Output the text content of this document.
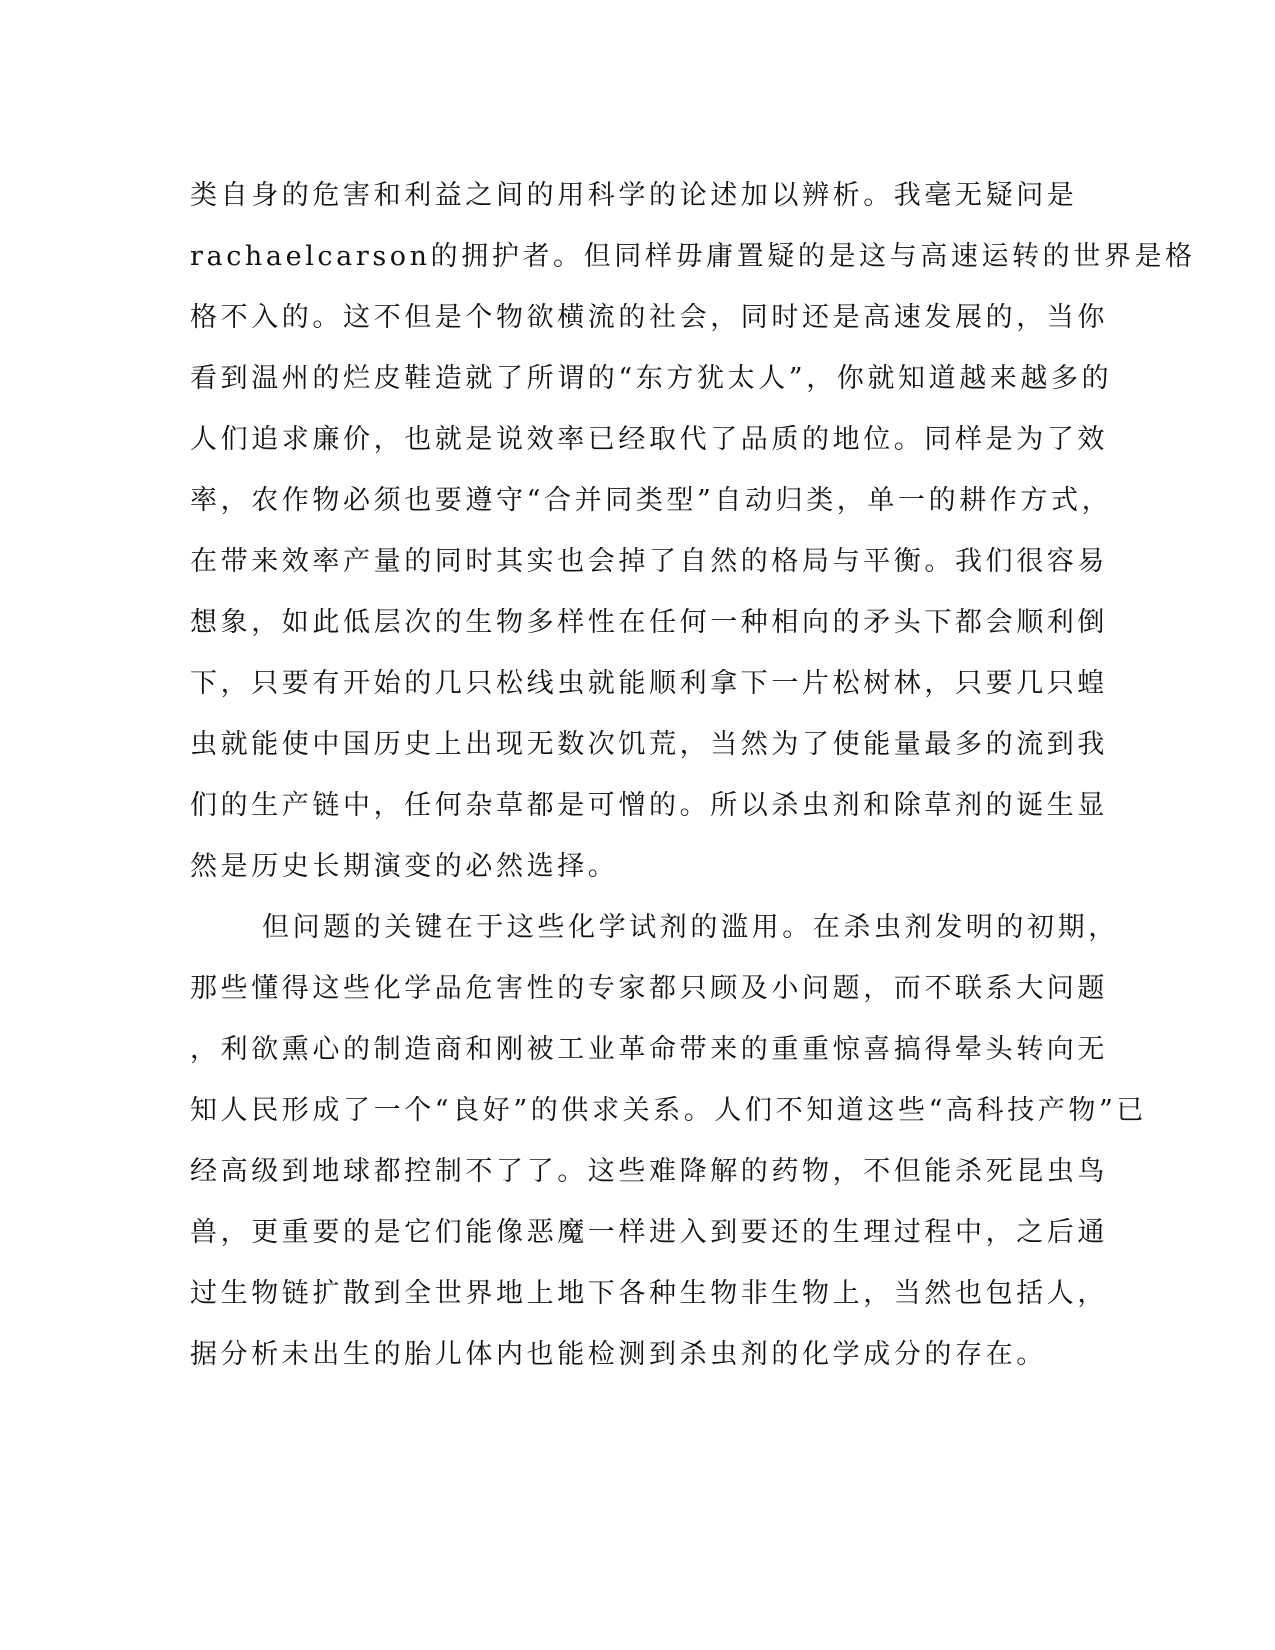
类自身的危害和利益之间的用科学的论述加以辨析。我毫无疑问是
rachaelcarson的拥护者。但同样毋庸置疑的是这与高速运转的世界是格
格不入的。这不但是个物欲横流的社会，同时还是高速发展的，当你
看到温州的烂皮鞋造就了所谓的“东方犹太人”，你就知道越来越多的
人们追求廉价，也就是说效率已经取代了品质的地位。同样是为了效
率，农作物必须也要遵守“合并同类型”自动归类，单一的耕作方式，
在带来效率产量的同时其实也会掉了自然的格局与平衡。我们很容易
想象，如此低层次的生物多样性在任何一种相向的矛头下都会顺利倒
下，只要有开始的几只松线虫就能顺利拿下一片松树林，只要几只蝗
虫就能使中国历史上出现无数次饥荒，当然为了使能量最多的流到我
们的生产链中，任何杂草都是可憎的。所以杀虫剂和除草剂的诞生显
然是历史长期演变的必然选择。
但问题的关键在于这些化学试剂的滥用。在杀虫剂发明的初期，
那些懂得这些化学品危害性的专家都只顾及小问题，而不联系大问题
，利欲熏心的制造商和刚被工业革命带来的重重惊喜搞得晕头转向无
知人民形成了一个“良好”的供求关系。人们不知道这些“高科技产物”已
经高级到地球都控制不了了。这些难降解的药物，不但能杀死昆虫鸟
兽，更重要的是它们能像恶魔一样进入到要还的生理过程中，之后通
过生物链扩散到全世界地上地下各种生物非生物上，当然也包括人，
据分析未出生的胎儿体内也能检测到杀虫剂的化学成分的存在。
